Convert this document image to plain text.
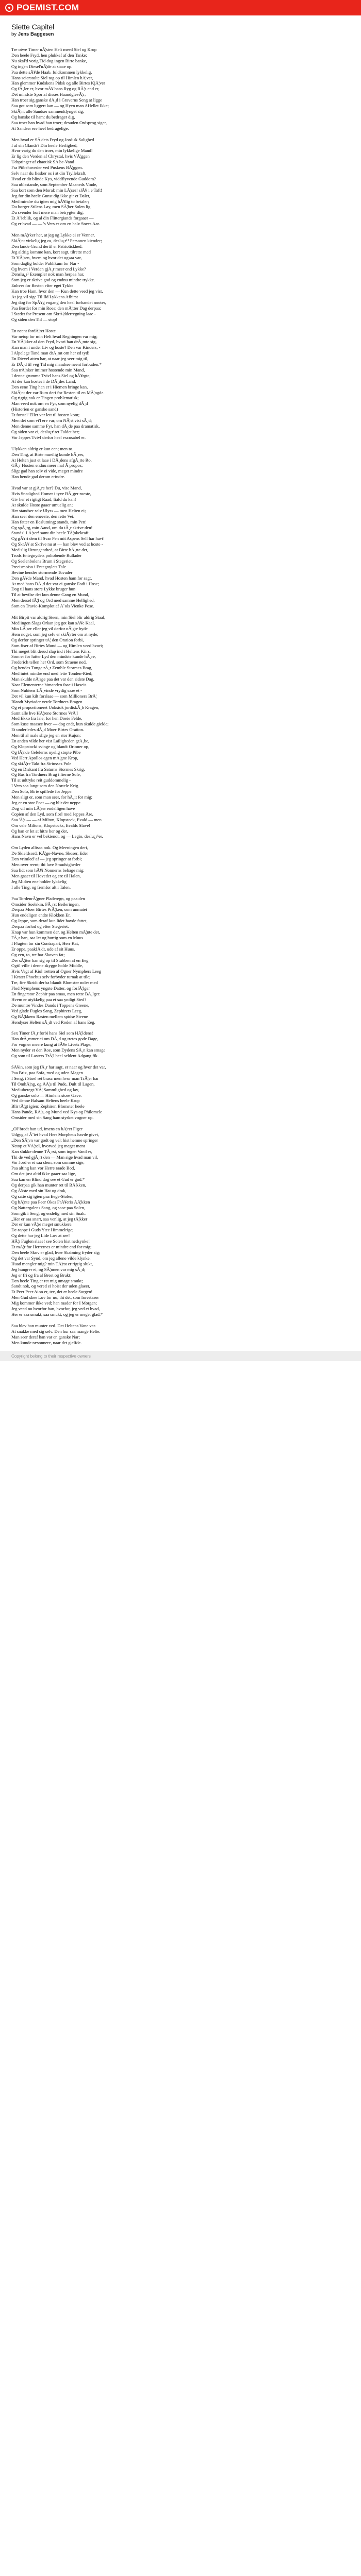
POEMIST.COM
Siette Capitel

by Jens Baggesen

Tre otwe Timer nÃ¦sten Helt meed Siel og Krop
Den heele Fryd, hen plukkef af den Tanke:
Nu skal'd vorig Tid dog ingen Birte banke,
Og ingen Diesel'nÃ¦de at staae op.
Paa dette sÃ¥de Haab, fuldkommen lykkelig,
Hans seierstolte Siel tog op til Himlen hÃ¦ver,
Han glemmer Kudskens Pidsk og alle Birtes KjÃ¦ver
Og fÃ¸ler er, hvor mÃ¥ hans Ryg og RÃ¦s end er,
Det mindste Spor af disses HaandgievÃ¦r;
Han troer sig ganske dÃ¸d i Graverns Seng at ligge
Saa got som liggert kan — og Hyen man AHellet Ikke;
SkiÃ¦nt alle Sandser sammenklynget sig,
Og hanske til ham: du bedrager dig,
Saa troer han hvad han troer; desuden Ordsprog siger,
At Sandser ere heel bedragelige.

Men hvad er SÃ¦dets Fryd og Jordisk Salighed
I af sin Glands? Din heele Herlighed,
Hvor varig du den troer, min lykkelige Mand!
Er lig den Verden af Chrystal, hvis VÃ¦ggen
Udspringer af chaotisk SÃ¦be-Vand
Fra Piibehoveder ved Puskens BÃ¦ggen.
Selv naar du fiesker os i at din Tryllekraft,
Hvad er dit blinde Kys, viddflyvende Guddom?
Saa ublestande, som September Maaneds Vinde,
Saa kort som den Moral: min LÃ¦ser! slÃ¥ i e Taft!
Jeg for din heele Gunst dig ikke gir et Daler,
Med mindre du igien mig hÃ¥lig to betaler;
Du borger Stilens Lay, men SÃ¦ber Solen lig
Du svender bort mere man betrygter dig;
Et Ã˜ieblik, og al din Flittergiands forgaaer —
Og er hvad — — 's Vers er om en halv Snees Aar.

Men mÃ¦rker her, at jeg og Lykke ei er Venner,
SkiÃ¦nt virkelig jeg os, deslu¿r¹¹ Personen kiender;
Den lande Grund dertil er Patriotiskhed:
Jeg aldrig komme kan, kort sagt, tilrette med
Et VÃ¦sen, hvem og hvor det ogsaa var,
Som daglig holder Publikum for Nar -
Og hvem i Verden gjÃ¸r meer end Lykke?
Denslu¿r¹ Exempler nok man herpaa har,
Som jeg er skrive god og endnu mindre trykke.
Enhver for Resten efter eget Tykke
Kan troe Ham, hvor den — Kun dette veed jeg vist,
At jeg vil sige Til Ild Lykkens Afhirst
Jeg dog for SpÃ¥g engang den heel forbandet nooter,
Paa Bordet for min Roes; den mÃ¦tter Dag derpaa;
I Stedet for Present om SkrÃ¦dderregning laae -
Og siden den Tid — stop!

En neent fordÃ¦ret Hoste
Var netop for min Helt hvad Regningen var mig;
En VÃ¦kker af den Fryd, hvori han drÃ¸mte sig,
Kan man i under Liv og hoste? Den var Kinders, -
I Alpelege Tand man drÃ¸mt om her ed tyd!
En Dievel atten har, at naar jeg seer mig til,
Er DÃ¸d til veg Tid mig maaskee neent forbuden.*
Saa trÃ¦nker imimer hostende min Mand,
I denne grumme Tvivl hans Siel og hÃ¥rgte;
At der kan hostes i de DÃ¸des Land,
Den eene Ting han er i Hiemen bringe kan,
SkiÃ¦nt der var Rum deri for Resten til en MÃ¦ngde.
Og rigtig nok er Tingen problematisk;
Man veed nok om en Fyr, som nyelig dÃ¸d
(Historien er ganske sand)
Et forstel' Eller var lett til hosten kom;
Men det som vi'l ere var, om NÃ¦st vist sÃ¸d;
Men denne samme Fyr, han dÃ¸de paa dramatisk,
Og siden var ei, deslu¿r¹ret Faldet her;
Vor Jeppes Tvivl derfor heel excusabel er.

Ulykken aldrig er kun een; men to.
Den Ting, at Birte mueilig kunde hÃ¸res,
At Helten just et laae i DÃ¸dens afgÃ¸rte Ro,
GÃ¸r Hosten endnu meer mal Ã propos;
Sligt gad han selv ei vide, meget mindre
Han hende gad derom erindre.

Hvad var at gjÃ¸re her? Du, vise Mand,
Hvis Snedighed Homer i tyve BÃ¸ger roeste,
Giv her et rigtigt Raad, fiald du kan!
At skulde Hoste gaaer umuelig an;
Her standser selv Ulyss — men Helten ei;
Han seer den eneeste, den rette Vei.
Han fatter en Beslutning; stands, min Pen!
Og spÃ¸rg, min Aand, om du tÃ¸r skrive den!
Stands! LÃ¦ser! samt din heele TÃ¦nkekraft
Og gÃ¥rt dem til Svar Pen mit Aspens Sell har havt!
Og SkrÃ¥ at Skrive nu at — han blev ved at hoste -
Med slig Utrungenthed, at Birte hÃ¸rte det,
Trods Entegnydets poliobende Rullader
Og Seelenbolens Brum i Stegeriet,
Preeismoiso i Entegnylets Tale
Bevine hendes stormende Tovader
Den gÃ¥de Mand, hvad Hosten ham for sagt,
At med hans DÃ¸d det var ei ganske Fodi i Hose;
Dog til hans store Lykke bruger hun
Til at bevilse det kun denne Gang en Mund,
Men dersel fÃ¦l og Ord med samme Hellighed,
Som en Travie-Komplot af Ã˜ols Vienke Pose.

Mit Birpit var aldrig Steen, min Siel blir aldrig Staal,
Med ingen Slags Orkan jeg got kan sÃ¥e Kaal,
Min LÃ¦ser eller jeg vil derfor nÃ¦gte byde
Hem noget, som jeg selv er skiÃ¦rter om at nyde;
Og derfor springer tÃ¦ den Oration forbi,
Som fiser af Birtes Mund — og Himlen veed hvori;
Thi meget blit derud slap ind i Heltens Kiirs,
Som er for lutter Lyd den mindste kunde hÃ¸re,
Frederich tellen her Ord, som Straene ned,
Og hendes Tunge rÃ¸r Zemble Stormes Brag,
Med intet mindre end med lette Tonden-Ried;
Man skulde nÃ¦sge paa det var den sidste Dag,
Naar Elementerne himanden faae i Haxeit.
Som Nubiens LÃ¸vinde vrydig saae et -
Det vil kun kilt forslaae — som Millioners BrÃ¦
Blandt Myriader verde Tordners Bragen
Og et proportioneret Uoksiok jordiskÃ¸b Kragen,
Samt alle hve HÃ¦rene Stormes VrÃ¦l
Med Ekko fra Isle; for hen Doeie Felde,
Som kuse maasee hver — dog endt, kun skulde gielde;
Et underledes dÃ¸d Moer Birtes Oration.
Men til al male slige jeg en stor Kujon;
En anden vilde her vist Lailigheden grÃ¸be,
Og Klopstocki svinge og blandt Orioner op,
Og lÃ¦nde Gelelerns nyelig stopte Pibe
Ved Herr Apollos egen mÃ¦gne Krop,
Og skiÃ¦re Takt fra Siriusses Pole
Og en Diskant fra Saturns Stormes Skrig,
Og Bas fra Tordners Brag i fierne Sole,
Til at udtryke reit guddommelig -
I Vers saa langt som den Nortele Krig.
Den Solo, Birte spillede for Jeppe.
Men sligt er, som man seer, for hÃ¸it for mig;
Jeg er en stor Poet — og blir det neppe.
Dog vil min LÃ¦ser endelligen have
Copien af den Lyd, som fiorl mod Jeppes Ãre,
Saa 'Ã¦s — — af Milton, Klopstock, Evald — men
Om vele Miltons, Klopstocks, Evalds Slave!
Og han er let at hitre her og der,
Hans Navn er vel bekiendt, og — Legio, deslu¿r¹er.

Om Lyden alltsaa nok. Og Meeningen deri,
De Skieldsord, KÃ¦ge-Navne, Skoser, Eder
Den vrimled' af — jeg springer at forbi;
Men over reent; thi lave Smudsigheder
Saa lidt som hÃ¥i Nonnerns behage mig;
Men gaaer til Hovedet og ere til Halen,
Jeg Midten ene holder lykkelig
I alle Ting, og fremfor alt i Talen.

Paa TordenrÃ¦gner Pladeregn, og paa den
Omsider Soelskin. FÃ¸rst Beileringen,
Derpaa Moer Birtes PrÃ¦ken, som unmatet
Hun endeligen endte Klokken Er,
Og Jeppe, som deraf kun lidet havde fattet,
Derpaa forlod og efter Stegeriet.
Knap var hun kommen der, og Helten mÃ¦nte det,
FÃ¸r han, saa let og hurtig som en Muus
I Flugten for sin Contrapart, Herr Kat,
Er oppe, paakIÃ¦dt, ude af sit Huus,
Og een, to, tre har Skoven fat;
Der sÃ¦tter han sig op til Stubben af en Eeg
Ogtil ville i denne skygge holde Middle,
Hvis Vegt af Kiol tretten af Ogner Nymphers Leeg
I Kratet Phoebus selv forbyder turnak at tile;
Tre, fire Skridt derfra blandt Blomster noler med
Flod Nymphens yngste Datter, og forfÃ¦lger
En fingerstor Zephir paa smaa, men rette BÃ¸lger.
Hvem er utykkelig paa et saa yndigt Sted?
De muntre Vindes Dands i Toppens Greene,
Ved glade Fugles Sang, Zephirers Leeg,
Og BÃ¦kkens Rasten mellem spidse Steene
Hendyser Helten sÃ¸dt ved Roden af hans Eeg.

Sex Timer fÃ¸r forbi hans Siel som HÃ¦ldens!
Han drÃ¸mmer ei om DÃ¸d og tretes gode Dage,
For vogner meere kung at fÃ¥e Livets Plage;
Men nyder et den Roe, som Dydens SÃ¸n kan smage
Og som til Lasters TrÃ¦l heel seldent Adgang fik.

SÃ¥in, som jeg fÃ¸r har sagt, er naar og hvor det var,
Paa Brix, paa Sofa, med og uden Magen
I Seng, i Stoel ret brasc men hvor man TrÃ¦er har
Til OmhÃ¦ng, og ÃÃ¦s til Pude, Dult til Lagen,
Med uberegt-VÃ¦ Sammlighed og lav,
Og ganske solo — Himlens store Gave.
Ved denne Balsam Heltens heele Krop
Blir tÃ¦gt igien; Zephirer, Blomster heele
Hans Pande, RÃ¦s, og Mund ved Kys og Philomele
Omsider med sin Sang ham styrket vogner op.

„Ol' bredt han ud, imens en bÃ¦ret Figer
Udgyg af Ã˜iet hvad Herr Morpheus havde givet,
„Den SÃ¦vn var godt og vel; hist hemne springer
Netop et VÃ¦sel, hvorved jeg meget ment
Kan slukke denne TÃ¸rst, som ingen Vand er,
Thi de ved gjÃ¸rt den — Man sige hvad man vil,
Vor Jord er ei saa slem, som somme sige;
Paa alting kan vor Herre raade Bod,
Om det just altid ikke gaaer saa lige,
Saa kan en Blind dog see et Gud er god.*
Og derpaa gik han munter ret til BÃ¦kken,
Og Ã¥ste med sin Hat og drak,
Og satte sig igien paa Eege-Stolen,
Og hÃ¦nte paa Peer Okes FrÃ¥eris ÃÃ¦kken
Og Nattergalens Sang, og saae paa Solen,
Som gik i Seng; og endelig med sin Snak:
„Her er saa snart, saa venlig, at jeg tÃ¦kker
Der er kun vÃ¦re meget smukkere.
De-toppe i Guds Yæe Himmelrige;
Og dette har jeg Lide Lov at see!
HÃ¦r Fuglen slaae! see Solen hist nedsynke!
Et mÃ¦r for Herrernes er mindre end for mig;
Den heele Skov er glad, hver Skabning fryder sig;
Og det var Synd, om jeg allene vilde klynke.
Huad mangler mig? min TÃ¦rst er rigtig slukt,
Jeg hungrer ei, og SÃ¦nnen var mig sÃ¸d;
Jeg er fri og fra al Brest og Brukt;
Den heele Ting er ret mig umage smukt;
Sandt nok, og vered ei hoist der uden glaeer,
Et Peer Peer Aion er, tee, det er heele Sorgen!
Men Gud skee Lov for nu, thi det, som forestaaer
Mig kommer ikke ved; han raader for I Morgen;
Jeg veed nu hvorfor han, hvorfor, jeg ved et hvad,
Her er saa smukt, saa smukt, og jeg er meget glad.*

Saa blev han munter ved. Det Heltens Vane var.
At snakke med sig selv. Den hur saa mange Helte.
Man seer deraf han var en ganske Nar;
Men kunde ræsonnere, naar det gielfde.

Copyright belong to their respective owners
